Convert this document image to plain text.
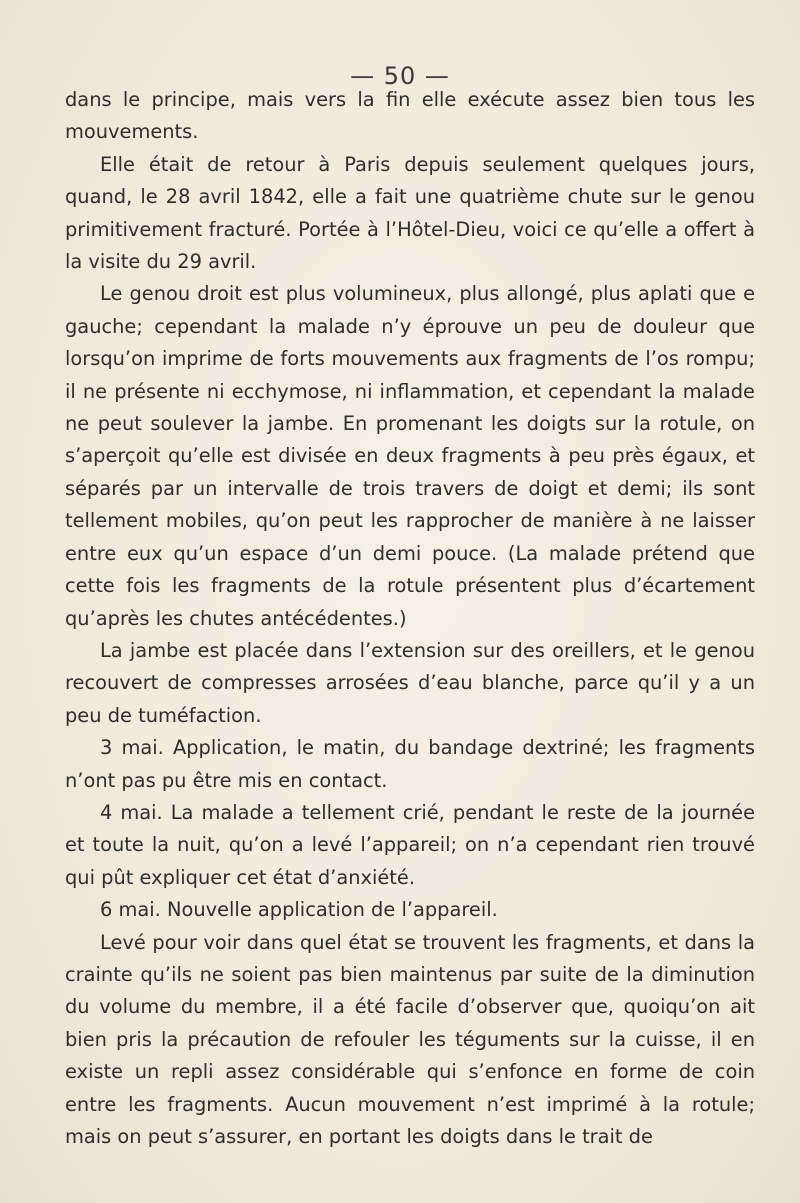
— 50 —

dans le principe, mais vers la fin elle exécute assez bien tous les mouvements.

Elle était de retour à Paris depuis seulement quelques jours, quand, le 28 avril 1842, elle a fait une quatrième chute sur le genou primitivement fracturé. Portée à l’Hôtel-Dieu, voici ce qu’elle a offert à la visite du 29 avril.

Le genou droit est plus volumineux, plus allongé, plus aplati que e gauche; cependant la malade n’y éprouve un peu de douleur que lorsqu’on imprime de forts mouvements aux fragments de l’os rompu; il ne présente ni ecchymose, ni inflammation, et cependant la malade ne peut soulever la jambe. En promenant les doigts sur la rotule, on s’aperçoit qu’elle est divisée en deux fragments à peu près égaux, et séparés par un intervalle de trois travers de doigt et demi; ils sont tellement mobiles, qu’on peut les rapprocher de manière à ne laisser entre eux qu’un espace d’un demi pouce. (La malade prétend que cette fois les fragments de la rotule présentent plus d’écartement qu’après les chutes antécédentes.)

La jambe est placée dans l’extension sur des oreillers, et le genou recouvert de compresses arrosées d’eau blanche, parce qu’il y a un peu de tuméfaction.

3 mai. Application, le matin, du bandage dextriné; les fragments n’ont pas pu être mis en contact.

4 mai. La malade a tellement crié, pendant le reste de la journée et toute la nuit, qu’on a levé l’appareil; on n’a cependant rien trouvé qui pût expliquer cet état d’anxiété.

6 mai. Nouvelle application de l’appareil.

Levé pour voir dans quel état se trouvent les fragments, et dans la crainte qu’ils ne soient pas bien maintenus par suite de la diminution du volume du membre, il a été facile d’observer que, quoiqu’on ait bien pris la précaution de refouler les téguments sur la cuisse, il en existe un repli assez considérable qui s’enfonce en forme de coin entre les fragments. Aucun mouvement n’est imprimé à la rotule; mais on peut s’assurer, en portant les doigts dans le trait de
